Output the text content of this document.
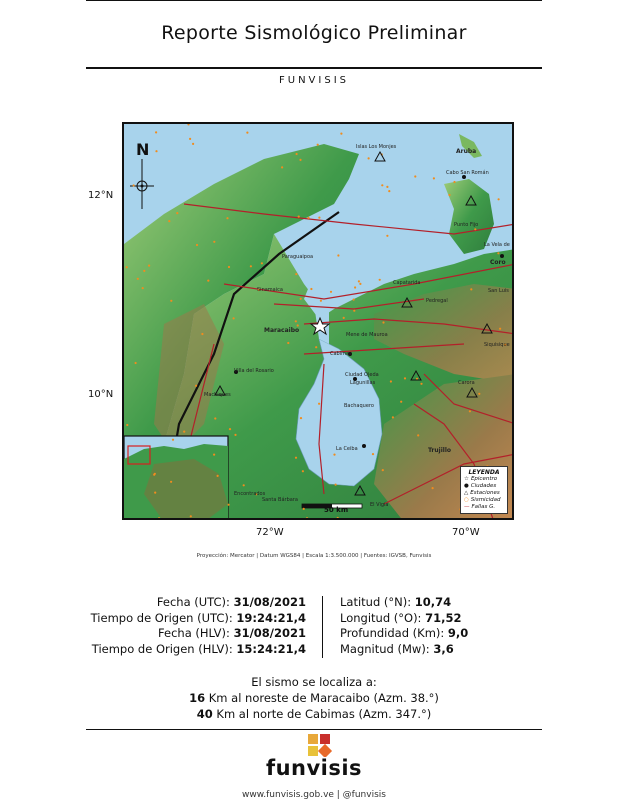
Reporte Sismológico Preliminar
FUNVISIS
Islas Los Monjes
Aruba
Cabo San Román
Punto Fijo
La Vela de
Coro
Paraguaipoa
Sinamaica
Capatarida
San Luis
Pedregal
Maracaibo
Mene de Mauroa
Siquisique
Cabimas
Villa del Rosario
Ciudad Ojeda
Lagunillas	Carora
Machiques
Bachaquero
La Ceiba	Trujillo
Encontrados
Santa Bárbara
El Vigía
N
50 km
LEYENDA
☆ Epicentro
● Ciudades
△ Estaciones
○ Sismicidad
— Fallas G.
12°N
10°N
72°W	70°W
Proyección: Mercator | Datum WGS84 | Escala 1:3.500.000 | Fuentes: IGVSB, Funvisis
Fecha (UTC): 31/08/2021
Tiempo de Origen (UTC): 19:24:21,4
Fecha (HLV): 31/08/2021
Tiempo de Origen (HLV): 15:24:21,4
Latitud (°N): 10,74
Longitud (°O): 71,52
Profundidad (Km): 9,0
Magnitud (Mw): 3,6
El sismo se localiza a:
16 Km al noreste de Maracaibo (Azm. 38.°)
40 Km al norte de Cabimas (Azm. 347.°)
funvisis
www.funvisis.gob.ve | @funvisis
